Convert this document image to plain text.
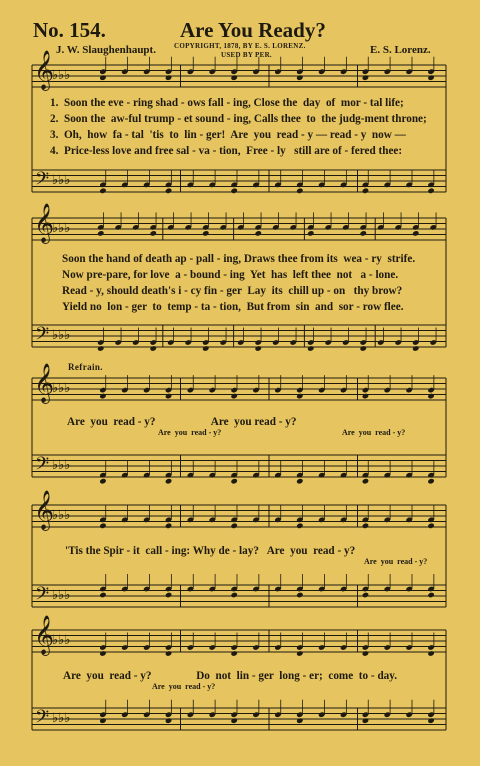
No. 154.	Are You Ready?
COPYRIGHT, 1878, BY E. S. LORENZ.
USED BY PER.
J. W. Slaughenhaupt.	E. S. Lorenz.
𝄞
𝄢
♭♭♭
♭♭♭
𝄞
𝄢
♭♭♭
♭♭♭
𝄞
𝄢
♭♭♭
♭♭♭
𝄞
𝄢
♭♭♭
♭♭♭
𝄞
𝄢
♭♭♭
♭♭♭
1.  Soon the eve - ring shad - ows fall - ing, Close the  day  of  mor - tal life;
2.  Soon the  aw-ful trump - et sound - ing, Calls thee  to  the judg-ment throne;
3.  Oh,  how  fa - tal  'tis  to  lin - ger!  Are  you  read - y — read - y  now —
4.  Price-less love and free sal - va - tion,  Free - ly   still are of - fered thee:
Soon the hand of death ap - pall - ing, Draws thee from its  wea - ry  strife.
Now pre-pare, for love  a - bound - ing  Yet  has  left thee  not   a - lone.
Read - y, should death's i - cy fin - ger  Lay  its  chill up - on   thy brow?
Yield no  lon - ger  to  temp - ta - tion,  But from  sin  and  sor - row flee.
Refrain.
Are  you  read - y?                    Are  you read - y?
Are  you  read - y?	Are  you  read - y?
'Tis the Spir - it  call - ing: Why de - lay?   Are  you  read - y?
Are  you  read - y?
Are  you  read - y?                Do  not  lin - ger  long - er;  come  to - day.
Are  you  read - y?
